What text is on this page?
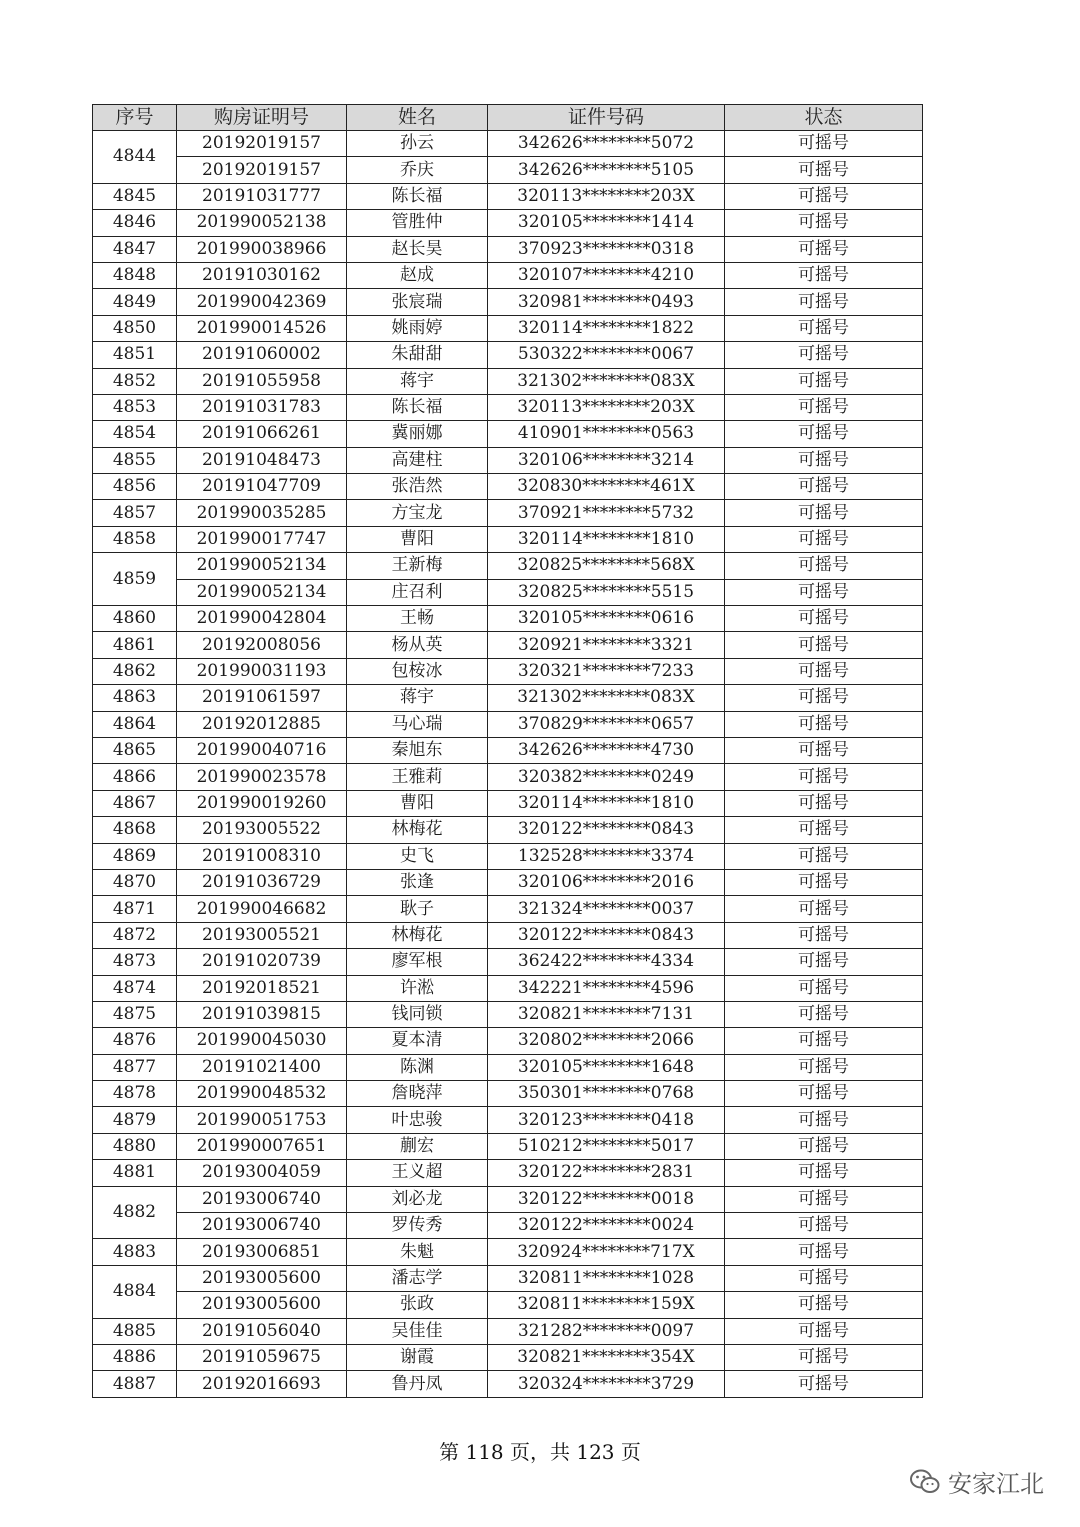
序号	购房证明号	姓名	证件号码	状态
4844	20192019157	孙云	342626********5072	可摇号
	20192019157	乔庆	342626********5105	可摇号
4845	20191031777	陈长福	320113********203X	可摇号
4846	201990052138	管胜仲	320105********1414	可摇号
4847	201990038966	赵长昊	370923********0318	可摇号
4848	20191030162	赵成	320107********4210	可摇号
4849	201990042369	张宸瑞	320981********0493	可摇号
4850	201990014526	姚雨婷	320114********1822	可摇号
4851	20191060002	朱甜甜	530322********0067	可摇号
4852	20191055958	蒋宇	321302********083X	可摇号
4853	20191031783	陈长福	320113********203X	可摇号
4854	20191066261	冀丽娜	410901********0563	可摇号
4855	20191048473	高建柱	320106********3214	可摇号
4856	20191047709	张浩然	320830********461X	可摇号
4857	201990035285	方宝龙	370921********5732	可摇号
4858	201990017747	曹阳	320114********1810	可摇号
4859	201990052134	王新梅	320825********568X	可摇号
	201990052134	庄召利	320825********5515	可摇号
4860	201990042804	王畅	320105********0616	可摇号
4861	20192008056	杨从英	320921********3321	可摇号
4862	201990031193	包桉冰	320321********7233	可摇号
4863	20191061597	蒋宇	321302********083X	可摇号
4864	20192012885	马心瑞	370829********0657	可摇号
4865	201990040716	秦旭东	342626********4730	可摇号
4866	201990023578	王雅莉	320382********0249	可摇号
4867	201990019260	曹阳	320114********1810	可摇号
4868	20193005522	林梅花	320122********0843	可摇号
4869	20191008310	史飞	132528********3374	可摇号
4870	20191036729	张逢	320106********2016	可摇号
4871	201990046682	耿子	321324********0037	可摇号
4872	20193005521	林梅花	320122********0843	可摇号
4873	20191020739	廖军根	362422********4334	可摇号
4874	20192018521	许淞	342221********4596	可摇号
4875	20191039815	钱同锁	320821********7131	可摇号
4876	201990045030	夏本清	320802********2066	可摇号
4877	20191021400	陈渊	320105********1648	可摇号
4878	201990048532	詹晓萍	350301********0768	可摇号
4879	201990051753	叶忠骏	320123********0418	可摇号
4880	201990007651	蒯宏	510212********5017	可摇号
4881	20193004059	王义超	320122********2831	可摇号
4882	20193006740	刘必龙	320122********0018	可摇号
	20193006740	罗传秀	320122********0024	可摇号
4883	20193006851	朱魁	320924********717X	可摇号
4884	20193005600	潘志学	320811********1028	可摇号
	20193005600	张政	320811********159X	可摇号
4885	20191056040	吴佳佳	321282********0097	可摇号
4886	20191059675	谢霞	320821********354X	可摇号
4887	20192016693	鲁丹凤	320324********3729	可摇号
第 118 页，共 123 页
安家江北
